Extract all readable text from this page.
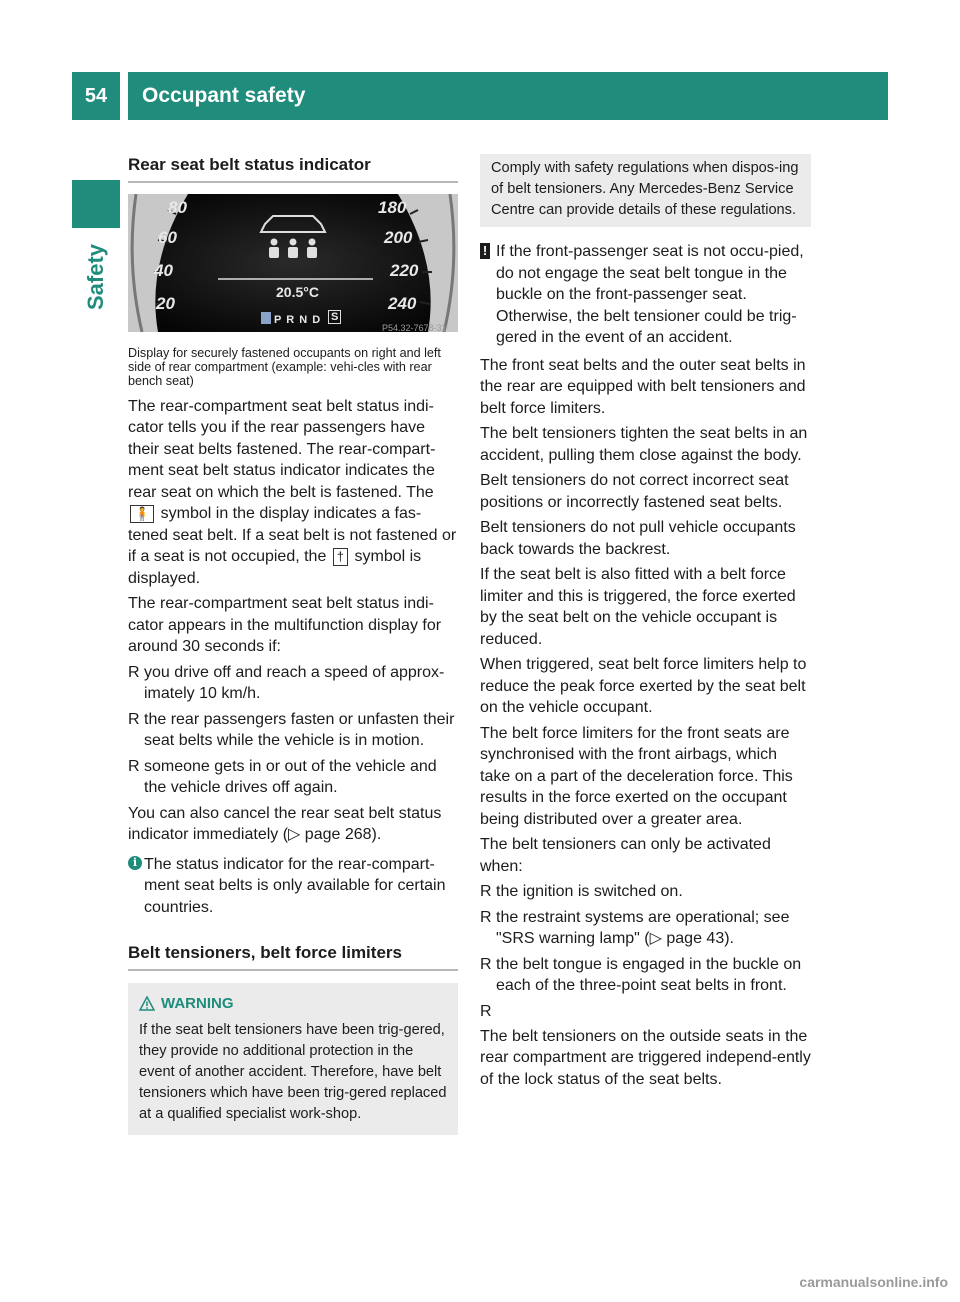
54	Occupant safety
Safety
Rear seat belt status indicator
80
60
40
20
180
200
220
240
20.5°C
P R N D S
P54.32-7678-31

Display for securely fastened occupants on right and left side of rear compartment (example: vehi-cles with rear bench seat)

The rear-compartment seat belt status indi-cator tells you if the rear passengers have their seat belts fastened. The rear-compart-ment seat belt status indicator indicates the rear seat on which the belt is fastened. The 🧍 symbol in the display indicates a fas-tened seat belt. If a seat belt is not fastened or if a seat is not occupied, the † symbol is displayed.

The rear-compartment seat belt status indi-cator appears in the multifunction display for around 30 seconds if:

R you drive off and reach a speed of approx-imately 10 km/h.
R the rear passengers fasten or unfasten their seat belts while the vehicle is in motion.
R someone gets in or out of the vehicle and the vehicle drives off again.

You can also cancel the rear seat belt status indicator immediately (▷ page 268).

i The status indicator for the rear-compart-ment seat belts is only available for certain countries.
Belt tensioners, belt force limiters
WARNING
If the seat belt tensioners have been trig-gered, they provide no additional protection in the event of another accident. Therefore, have belt tensioners which have been trig-gered replaced at a qualified specialist work-shop.
Comply with safety regulations when dispos-ing of belt tensioners. Any Mercedes-Benz Service Centre can provide details of these regulations.
! If the front-passenger seat is not occu-pied, do not engage the seat belt tongue in the buckle on the front-passenger seat. Otherwise, the belt tensioner could be trig-gered in the event of an accident.

The front seat belts and the outer seat belts in the rear are equipped with belt tensioners and belt force limiters.

The belt tensioners tighten the seat belts in an accident, pulling them close against the body.

Belt tensioners do not correct incorrect seat positions or incorrectly fastened seat belts.

Belt tensioners do not pull vehicle occupants back towards the backrest.

If the seat belt is also fitted with a belt force limiter and this is triggered, the force exerted by the seat belt on the vehicle occupant is reduced.

When triggered, seat belt force limiters help to reduce the peak force exerted by the seat belt on the vehicle occupant.

The belt force limiters for the front seats are synchronised with the front airbags, which take on a part of the deceleration force. This results in the force exerted on the occupant being distributed over a greater area.

The belt tensioners can only be activated when:

R the ignition is switched on.
R the restraint systems are operational; see "SRS warning lamp" (▷ page 43).
R the belt tongue is engaged in the buckle on each of the three-point seat belts in front.
R

The belt tensioners on the outside seats in the rear compartment are triggered independ-ently of the lock status of the seat belts.

carmanualsonline.info
